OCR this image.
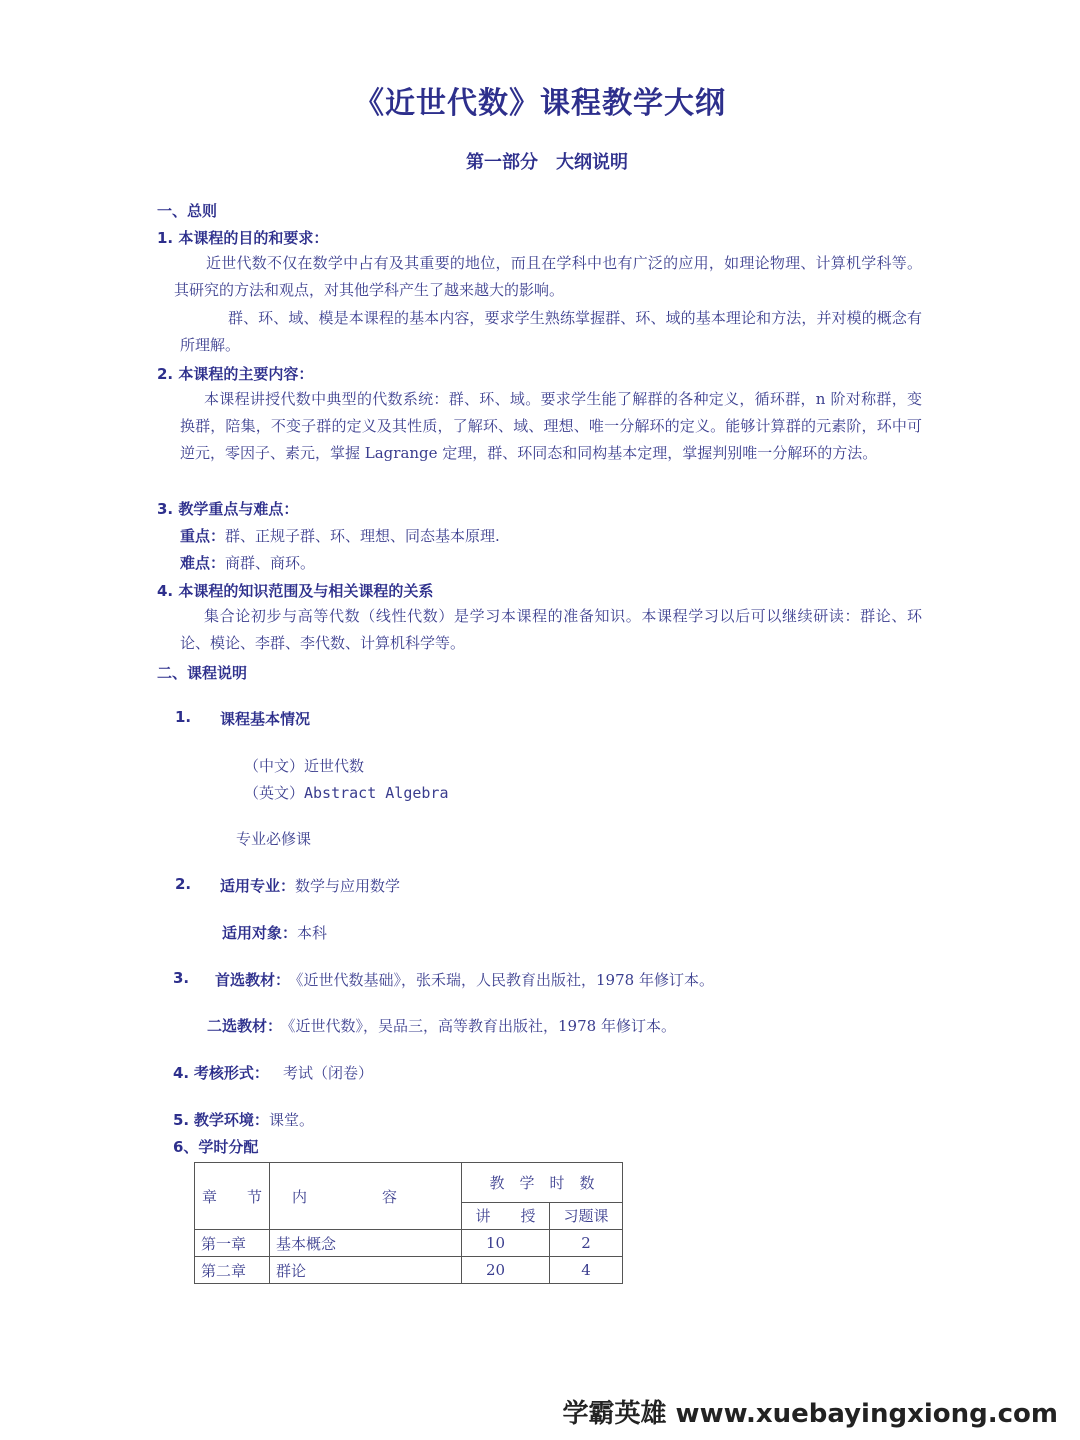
《近世代数》课程教学大纲
第一部分　大纲说明
一、总则
1. 本课程的目的和要求：
近世代数不仅在数学中占有及其重要的地位，而且在学科中也有广泛的应用，如理论物理、计算机学科等。其研究的方法和观点，对其他学科产生了越来越大的影响。
群、环、域、模是本课程的基本内容，要求学生熟练掌握群、环、域的基本理论和方法，并对模的概念有所理解。
2. 本课程的主要内容：
本课程讲授代数中典型的代数系统：群、环、域。要求学生能了解群的各种定义，循环群，n 阶对称群，变换群，陪集，不变子群的定义及其性质，了解环、域、理想、唯一分解环的定义。能够计算群的元素阶，环中可逆元，零因子、素元，掌握 Lagrange 定理，群、环同态和同构基本定理，掌握判别唯一分解环的方法。
3. 教学重点与难点：
重点：群、正规子群、环、理想、同态基本原理.
难点：商群、商环。
4. 本课程的知识范围及与相关课程的关系
集合论初步与高等代数（线性代数）是学习本课程的准备知识。本课程学习以后可以继续研读：群论、环论、模论、李群、李代数、计算机科学等。
二、课程说明
1. 课程基本情况
（中文）近世代数
（英文）Abstract Algebra
专业必修课
2. 适用专业：数学与应用数学
适用对象：本科
3. 首选教材： 《近世代数基础》，张禾瑞，人民教育出版社，1978 年修订本。
二选教材： 《近世代数》，吴品三，高等教育出版社，1978 年修订本。
4. 考核形式： 考试（闭卷）
5. 教学环境：课堂。
6、学时分配
章　　节	内　　　　　容	教　学　时　数	
		讲　　授	习题课
第一章	基本概念	10	2
第二章	群论	20	4
学霸英雄 www.xuebayingxiong.com
